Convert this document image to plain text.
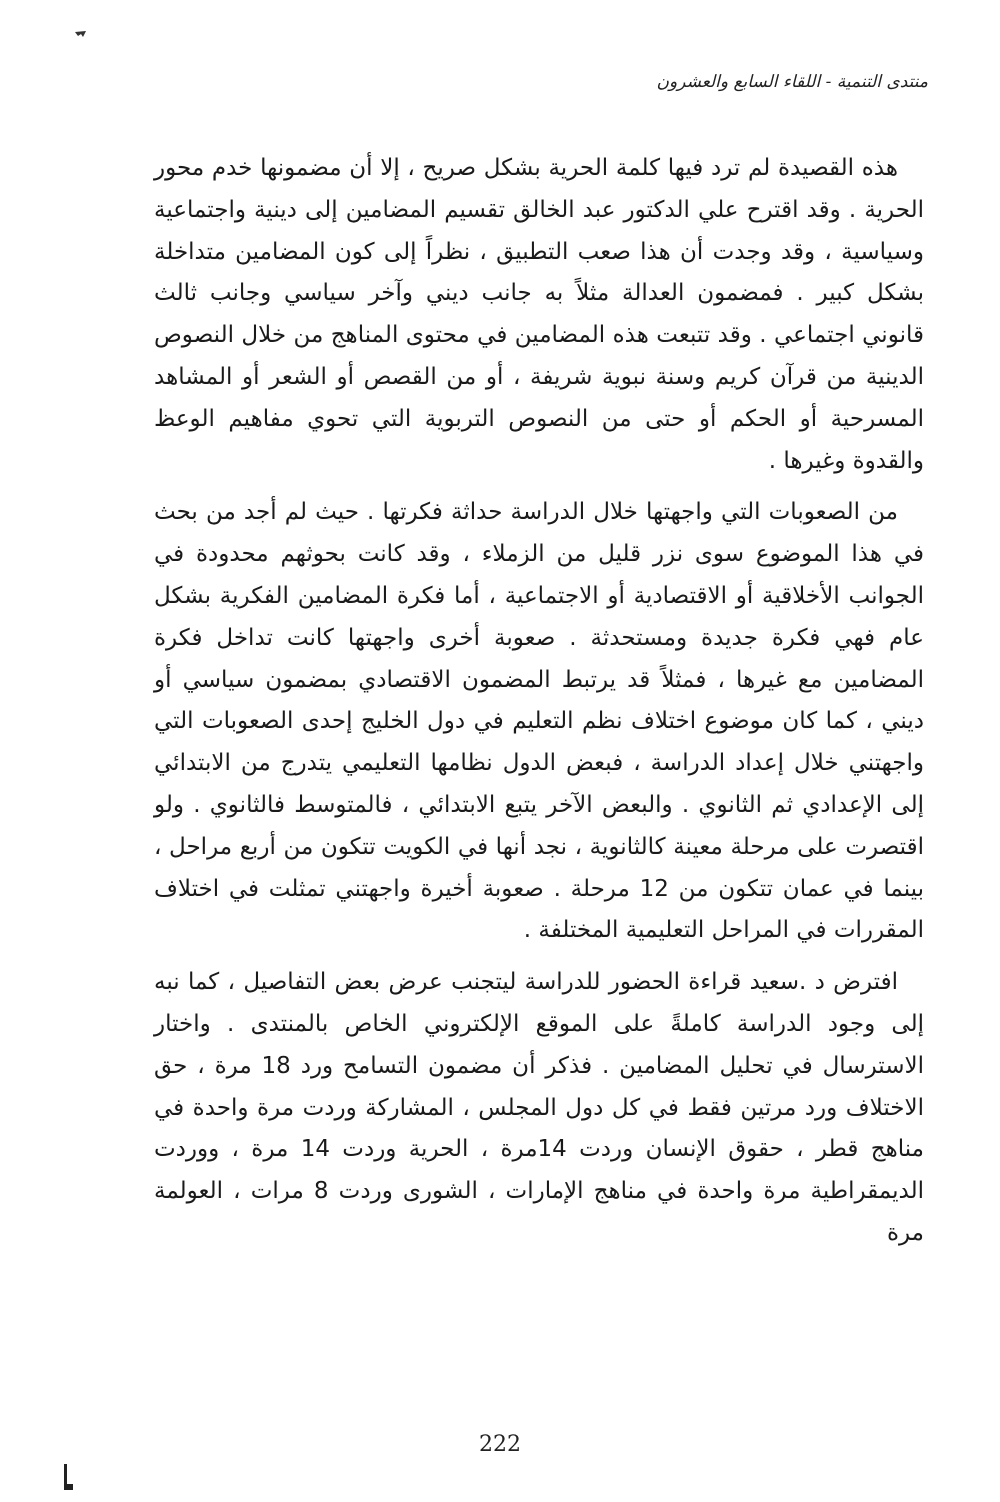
منتدى التنمية - اللقاء السابع والعشرون

هذه القصيدة لم ترد فيها كلمة الحرية بشكل صريح ، إلا أن مضمونها خدم محور الحرية . وقد اقترح علي الدكتور عبد الخالق تقسيم المضامين إلى دينية واجتماعية وسياسية ، وقد وجدت أن هذا صعب التطبيق ، نظراً إلى كون المضامين متداخلة بشكل كبير . فمضمون العدالة مثلاً به جانب ديني وآخر سياسي وجانب ثالث قانوني اجتماعي . وقد تتبعت هذه المضامين في محتوى المناهج من خلال النصوص الدينية من قرآن كريم وسنة نبوية شريفة ، أو من القصص أو الشعر أو المشاهد المسرحية أو الحكم أو حتى من النصوص التربوية التي تحوي مفاهيم الوعظ والقدوة وغيرها .

من الصعوبات التي واجهتها خلال الدراسة حداثة فكرتها . حيث لم أجد من بحث في هذا الموضوع سوى نزر قليل من الزملاء ، وقد كانت بحوثهم محدودة في الجوانب الأخلاقية أو الاقتصادية أو الاجتماعية ، أما فكرة المضامين الفكرية بشكل عام فهي فكرة جديدة ومستحدثة . صعوبة أخرى واجهتها كانت تداخل فكرة المضامين مع غيرها ، فمثلاً قد يرتبط المضمون الاقتصادي بمضمون سياسي أو ديني ، كما كان موضوع اختلاف نظم التعليم في دول الخليج إحدى الصعوبات التي واجهتني خلال إعداد الدراسة ، فبعض الدول نظامها التعليمي يتدرج من الابتدائي إلى الإعدادي ثم الثانوي . والبعض الآخر يتبع الابتدائي ، فالمتوسط فالثانوي . ولو اقتصرت على مرحلة معينة كالثانوية ، نجد أنها في الكويت تتكون من أربع مراحل ، بينما في عمان تتكون من 12 مرحلة . صعوبة أخيرة واجهتني تمثلت في اختلاف المقررات في المراحل التعليمية المختلفة .

افترض د .سعيد قراءة الحضور للدراسة ليتجنب عرض بعض التفاصيل ، كما نبه إلى وجود الدراسة كاملةً على الموقع الإلكتروني الخاص بالمنتدى . واختار الاسترسال في تحليل المضامين . فذكر أن مضمون التسامح ورد 18 مرة ، حق الاختلاف ورد مرتين فقط في كل دول المجلس ، المشاركة وردت مرة واحدة في مناهج قطر ، حقوق الإنسان وردت 14مرة ، الحرية وردت 14 مرة ، ووردت الديمقراطية مرة واحدة في مناهج الإمارات ، الشورى وردت 8 مرات ، العولمة مرة

222
